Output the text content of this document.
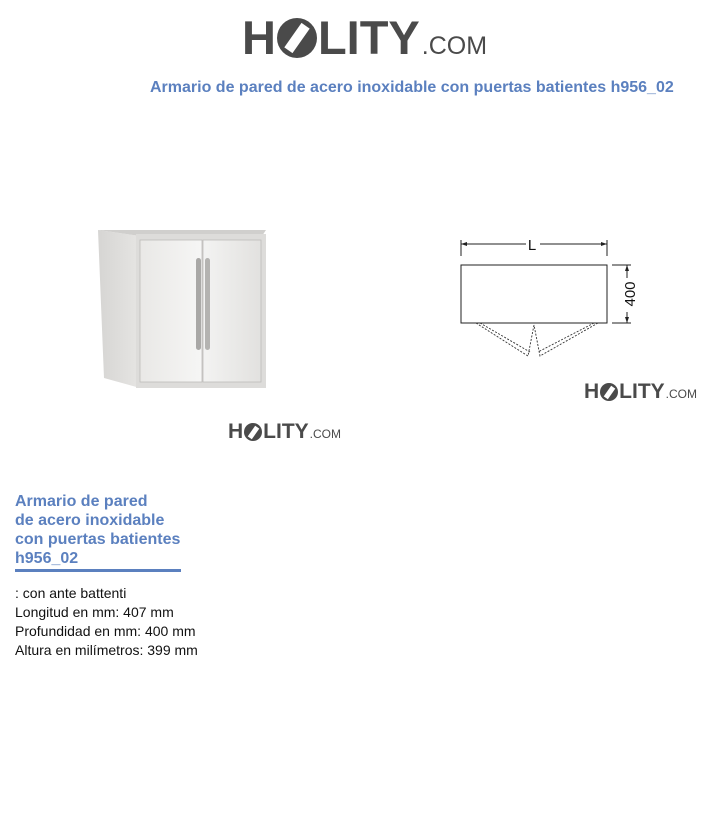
H LITY .COM
Armario de pared de acero inoxidable con puertas batientes h956_02
H LITY .COM
L
400
H LITY .COM
Armario de pared
de acero inoxidable
con puertas batientes
h956_02
: con ante battenti
Longitud en mm: 407 mm
Profundidad en mm: 400 mm
Altura en milímetros: 399 mm
